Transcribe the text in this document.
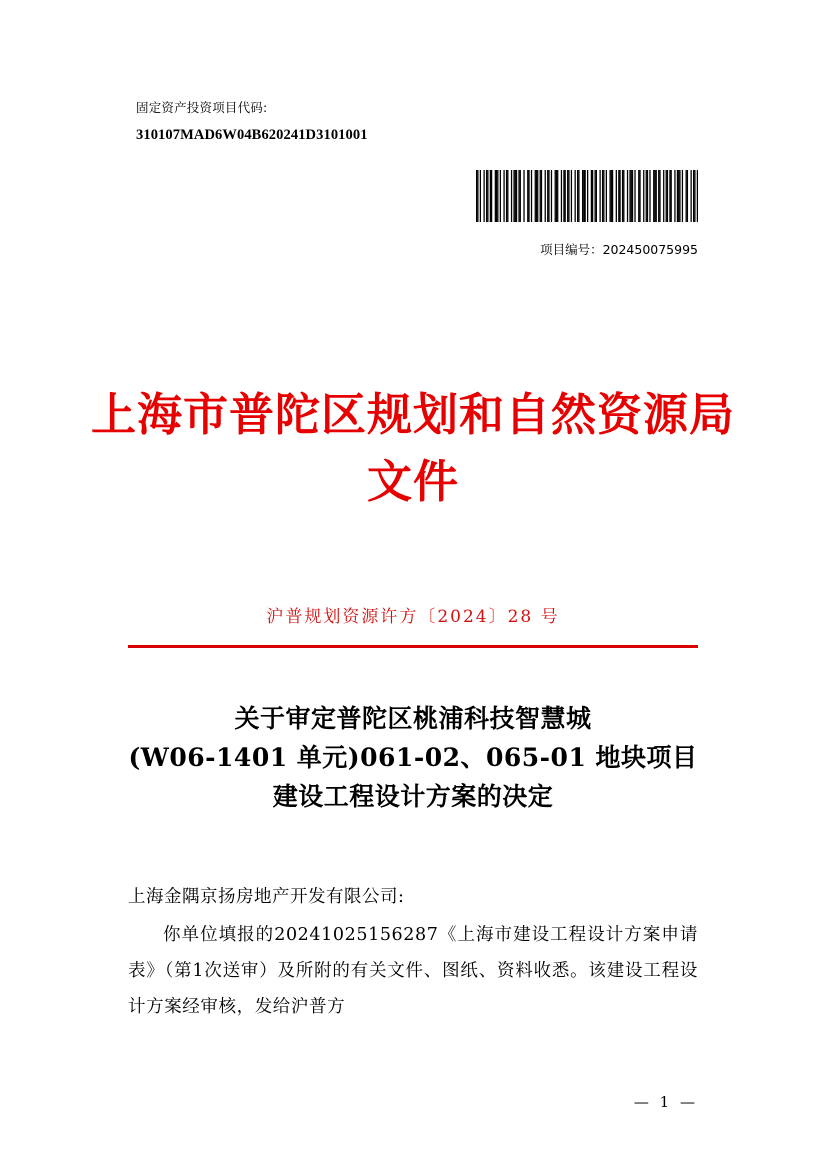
固定资产投资项目代码:
310107MAD6W04B620241D3101001
项目编号：202450075995
上海市普陀区规划和自然资源局
文件
沪普规划资源许方〔2024〕28 号
关于审定普陀区桃浦科技智慧城
(W06-1401 单元)061-02、065-01 地块项目
建设工程设计方案的决定

上海金隅京扬房地产开发有限公司:

你单位填报的20241025156287《上海市建设工程设计方案申请表》（第1次送审）及所附的有关文件、图纸、资料收悉。该建设工程设计方案经审核，发给沪普方

— 1 —
